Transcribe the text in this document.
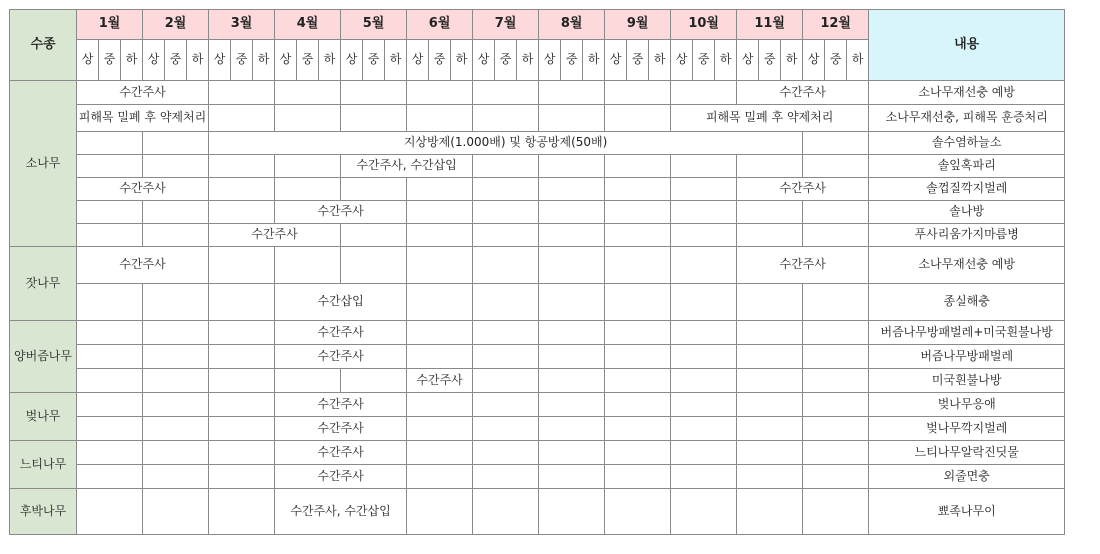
수종	1월			2월			3월			4월			5월			6월			7월			8월			9월			10월			11월			12월			내용
	상	중	하	상	중	하	상	중	하	상	중	하	상	중	하	상	중	하	상	중	하	상	중	하	상	중	하	상	중	하	상	중	하	상	중	하	
소나무	수간주사																														수간주사						소나무재선충 예방
	피해목 밀폐 후 약제처리																											피해목 밀폐 후 약제처리									소나무재선충, 피해목 훈증처리
							지상방제(1.000배) 및 항공방제(50배)																														솔수염하늘소
													수간주사, 수간삽입																								솔잎혹파리
	수간주사																														수간주사						솔껍질깍지벌레
										수간주사																											솔나방
							수간주사																														푸사리움가지마름병
잣나무	수간주사																														수간주사						소나무재선충 예방
										수간삽입																											종실해충
양버즘나무										수간주사																											버즘나무방패벌레+미국흰불나방
										수간주사																											버즘나무방패벌레
																수간주사																					미국흰불나방
벚나무										수간주사																											벚나무응애
										수간주사																											벚나무깍지벌레
느티나무										수간주사																											느티나무알락진딧물
										수간주사																											외줄면충
후박나무										수간주사, 수간삽입																											뾰족나무이
